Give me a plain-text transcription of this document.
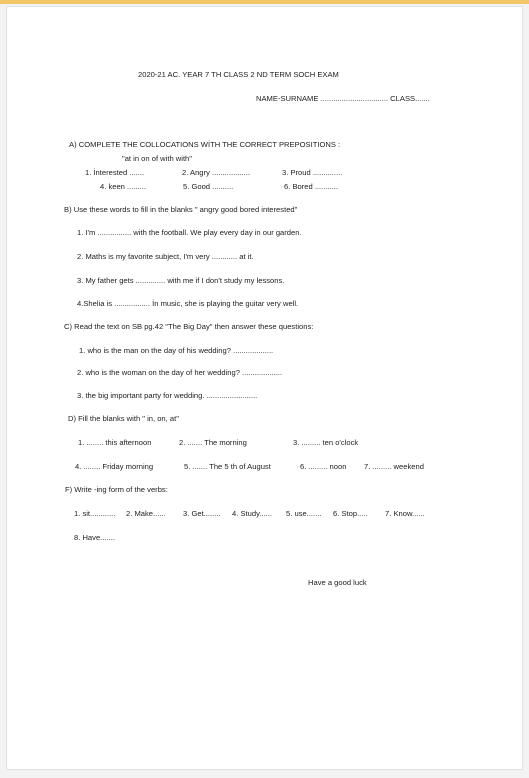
2020-21 AC. YEAR 7 TH CLASS 2 ND TERM SOCH EXAM
NAME-SURNAME ................................ CLASS.......
A) COMPLETE THE COLLOCATIONS WİTH THE CORRECT PREPOSITIONS :
"at in on of with with"
1. İnterested .......	2. Angry ..................	3. Proud ..............
4. keen .........	5. Good ..........	6. Bored ...........
B) Use these words to fill in the blanks " angry good bored interested"
1. I'm ................ with the football. We play every day in our garden.
2. Maths is my favorite subject, I'm very ............ at it.
3. My father gets .............. with me if I don't study my lessons.
4.Shelia is ................. İn music, she is playing the guitar very well.
C) Read the text on SB pg.42 "The Big Day" then answer these questions:
1. who is the man on the day of his wedding? ...................
2. who is the woman on the day of her wedding? ...................
3. the big important party for wedding. ........................
D) Fill the blanks with " in, on, at"
1. ........ this afternoon	2. ....... The morning	3. ......... ten o'clock
4. ........ Friday morning	5. ....... The 5 th of August	6. ......... noon 7. ......... weekend
F) Write -ing form of the verbs:
1. sit............ 2. Make...... 3. Get........ 4. Study...... 5. use....... 6. Stop..... 7. Know......
8. Have.......
Have a good luck
